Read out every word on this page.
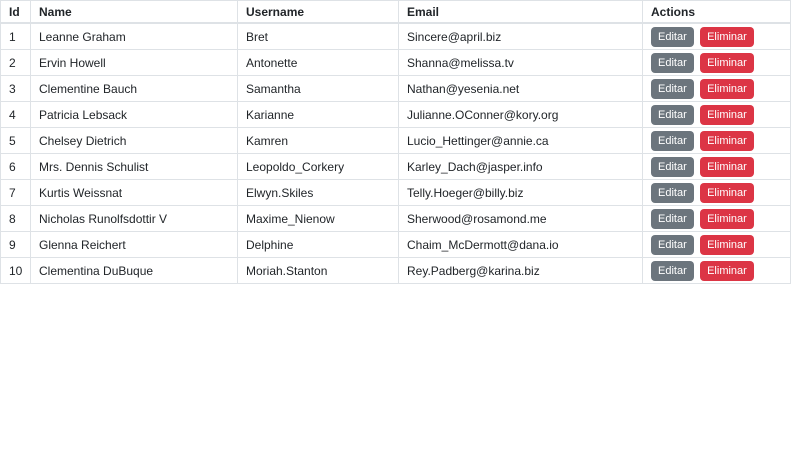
Id	Name	Username	Email	Actions
1	Leanne Graham	Bret	Sincere@april.biz	Editar Eliminar
2	Ervin Howell	Antonette	Shanna@melissa.tv	Editar Eliminar
3	Clementine Bauch	Samantha	Nathan@yesenia.net	Editar Eliminar
4	Patricia Lebsack	Karianne	Julianne.OConner@kory.org	Editar Eliminar
5	Chelsey Dietrich	Kamren	Lucio_Hettinger@annie.ca	Editar Eliminar
6	Mrs. Dennis Schulist	Leopoldo_Corkery	Karley_Dach@jasper.info	Editar Eliminar
7	Kurtis Weissnat	Elwyn.Skiles	Telly.Hoeger@billy.biz	Editar Eliminar
8	Nicholas Runolfsdottir V	Maxime_Nienow	Sherwood@rosamond.me	Editar Eliminar
9	Glenna Reichert	Delphine	Chaim_McDermott@dana.io	Editar Eliminar
10	Clementina DuBuque	Moriah.Stanton	Rey.Padberg@karina.biz	Editar Eliminar
